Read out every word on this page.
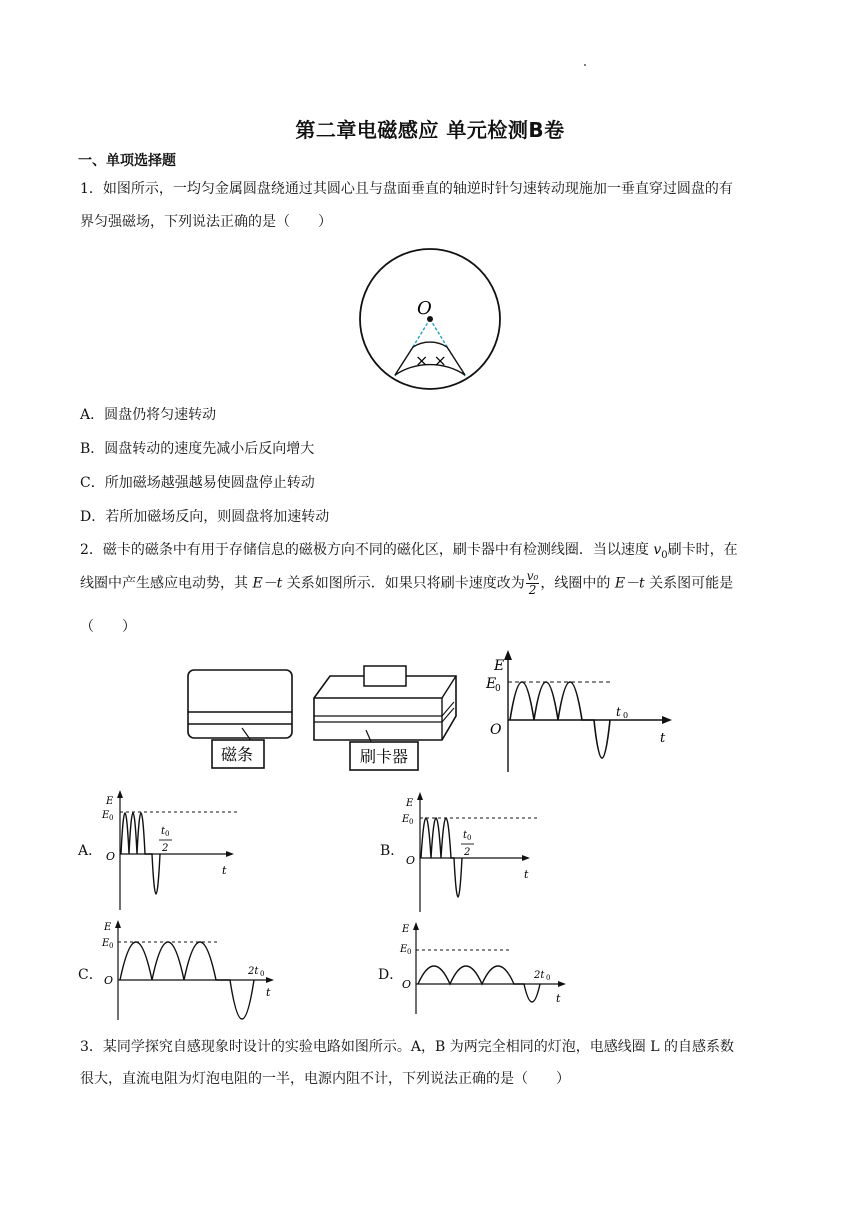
第二章电磁感应 单元检测B卷
一、单项选择题
1．如图所示，一均匀金属圆盘绕通过其圆心且与盘面垂直的轴逆时针匀速转动现施加一垂直穿过圆盘的有
界匀强磁场，下列说法正确的是（　　）
O
× ×
A．圆盘仍将匀速转动
B．圆盘转动的速度先减小后反向增大
C．所加磁场越强越易使圆盘停止转动
D．若所加磁场反向，则圆盘将加速转动
2．磁卡的磁条中有用于存储信息的磁极方向不同的磁化区，刷卡器中有检测线圈．当以速度 $v_0$刷卡时，在
线圈中产生感应电动势，其 E－t 关系如图所示．如果只将刷卡速度改为 $\frac{\text{v₀}}{2}$ ，线圈中的 E－t 关系图可能是
（　　）
磁条	刷卡器
E
E
0
O
t 0
t
A．
E
E 0
O
t 0
2
t
B．
E
E 0
O
t 0
2
t
C．
E
E 0
O
2t 0
t
D．
E
E 0
O
2t 0
t
3．某同学探究自感现象时设计的实验电路如图所示。A，B 为两完全相同的灯泡，电感线圈 L 的自感系数
很大，直流电阻为灯泡电阻的一半，电源内阻不计，下列说法正确的是（　　）
